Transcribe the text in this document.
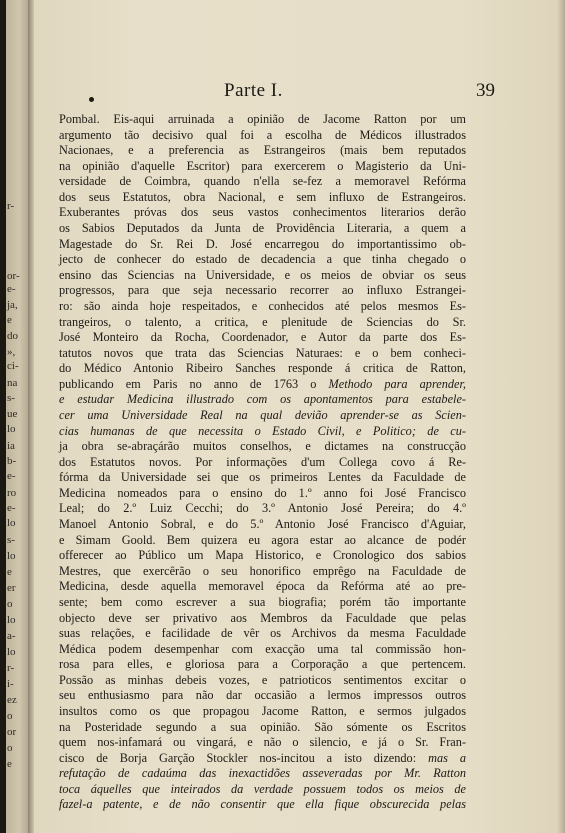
r-
or-
e-
ja,
e
do
»,
ci-
na
s-
ue
lo
ia
b-
e-
ro
e-
lo
s-
lo
e
er
o
lo
a-
lo
r-
i-
ez
o
or
o
e
Parte I.	39
Pombal. Eis-aqui arruinada a opinião de Jacome Ratton por um
argumento tão decisivo qual foi a escolha de Médicos illustrados
Nacionaes, e a preferencia as Estrangeiros (mais bem reputados
na opinião d'aquelle Escritor) para exercerem o Magisterio da Uni-
versidade de Coimbra, quando n'ella se-fez a memoravel Refórma
dos seus Estatutos, obra Nacional, e sem influxo de Estrangeiros.
Exuberantes próvas dos seus vastos conhecimentos literarios derão
os Sabios Deputados da Junta de Providência Literaria, a quem a
Magestade do Sr. Rei D. José encarregou do importantissimo ob-
jecto de conhecer do estado de decadencia a que tinha chegado o
ensino das Sciencias na Universidade, e os meios de obviar os seus
progressos, para que seja necessario recorrer ao influxo Estrangei-
ro: são ainda hoje respeitados, e conhecidos até pelos mesmos Es-
trangeiros, o talento, a critica, e plenitude de Sciencias do Sr.
José Monteiro da Rocha, Coordenador, e Autor da parte dos Es-
tatutos novos que trata das Sciencias Naturaes: e o bem conheci-
do Médico Antonio Ribeiro Sanches responde á critica de Ratton,
publicando em Paris no anno de 1763 o Methodo para aprender,
e estudar Medicina illustrado com os apontamentos para estabele-
cer uma Universidade Real na qual devião aprender-se as Scien-
cias humanas de que necessita o Estado Civil, e Politico; de cu-
ja obra se-abraçárão muitos conselhos, e dictames na construcção
dos Estatutos novos. Por informações d'um Collega covo á Re-
fórma da Universidade sei que os primeiros Lentes da Faculdade de
Medicina nomeados para o ensino do 1.º anno foi José Francisco
Leal; do 2.º Luiz Cecchi; do 3.º Antonio José Pereira; do 4.º
Manoel Antonio Sobral, e do 5.º Antonio José Francisco d'Aguiar,
e Simam Goold. Bem quizera eu agora estar ao alcance de podér
offerecer ao Público um Mapa Historico, e Cronologico dos sabios
Mestres, que exercêrão o seu honorifico emprêgo na Faculdade de
Medicina, desde aquella memoravel época da Refórma até ao pre-
sente; bem como escrever a sua biografia; porém tão importante
objecto deve ser privativo aos Membros da Faculdade que pelas
suas relações, e facilidade de vêr os Archivos da mesma Faculdade
Médica podem desempenhar com exacção uma tal commissão hon-
rosa para elles, e gloriosa para a Corporação a que pertencem.
Possão as minhas debeis vozes, e patrioticos sentimentos excitar o
seu enthusiasmo para não dar occasião a lermos impressos outros
insultos como os que propagou Jacome Ratton, e sermos julgados
na Posteridade segundo a sua opinião. São sómente os Escritos
quem nos-infamará ou vingará, e não o silencio, e já o Sr. Fran-
cisco de Borja Garção Stockler nos-incitou a isto dizendo: mas a
refutação de cadaúma das inexactidões asseveradas por Mr. Ratton
toca áquelles que inteirados da verdade possuem todos os meios de
fazel-a patente, e de não consentir que ella fique obscurecida pelas
